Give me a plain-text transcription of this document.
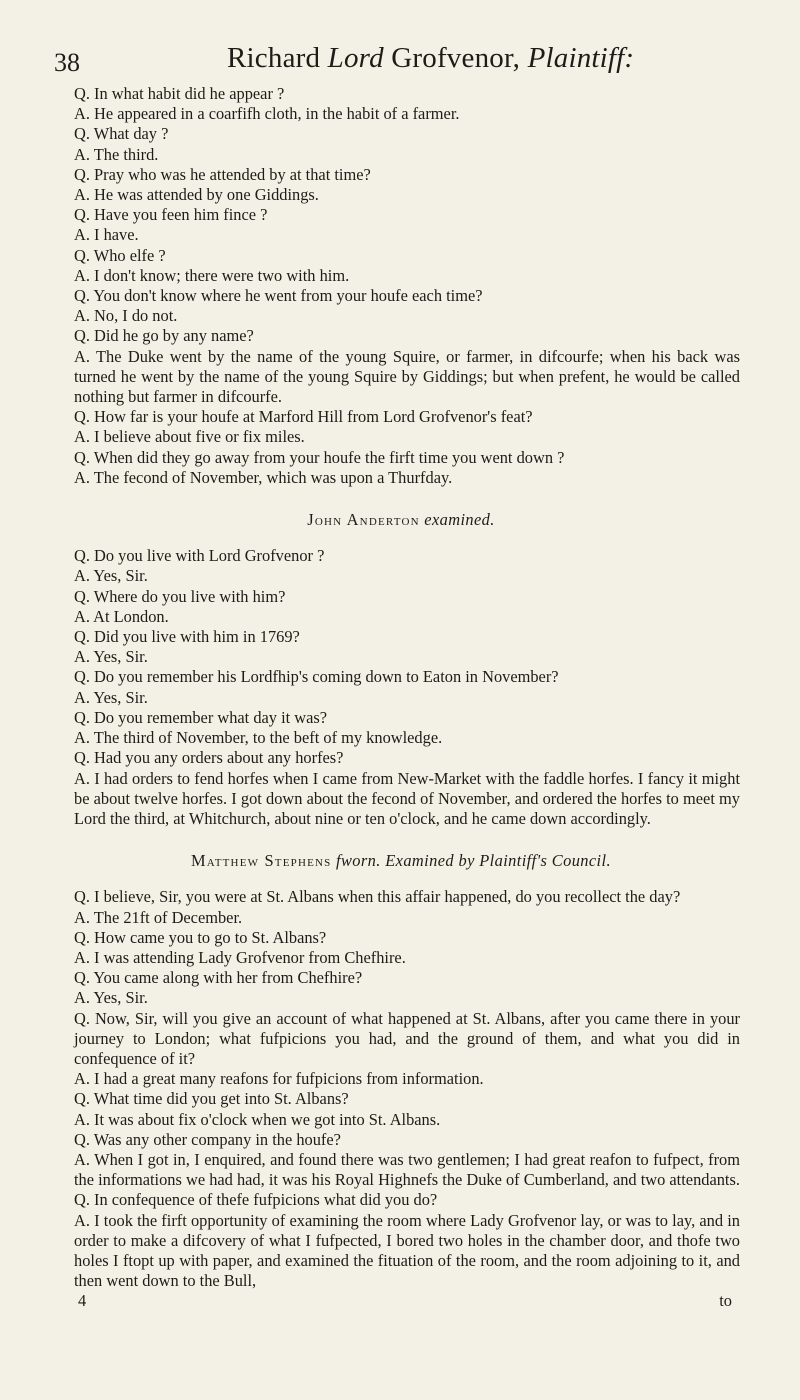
38	Richard Lord Grofvenor, Plaintiff:

Q. In what habit did he appear ?

A. He appeared in a coarfifh cloth, in the habit of a farmer.

Q. What day ?

A. The third.

Q. Pray who was he attended by at that time?

A. He was attended by one Giddings.

Q. Have you feen him fince ?

A. I have.

Q. Who elfe ?

A. I don't know; there were two with him.

Q. You don't know where he went from your houfe each time?

A. No, I do not.

Q. Did he go by any name?

A. The Duke went by the name of the young Squire, or farmer, in difcourfe; when his back was turned he went by the name of the young Squire by Giddings; but when prefent, he would be called nothing but farmer in difcourfe.

Q. How far is your houfe at Marford Hill from Lord Grofvenor's feat?

A. I believe about five or fix miles.

Q. When did they go away from your houfe the firft time you went down ?

A. The fecond of November, which was upon a Thurfday.

John Anderton examined.

Q. Do you live with Lord Grofvenor ?

A. Yes, Sir.

Q. Where do you live with him?

A. At London.

Q. Did you live with him in 1769?

A. Yes, Sir.

Q. Do you remember his Lordfhip's coming down to Eaton in November?

A. Yes, Sir.

Q. Do you remember what day it was?

A. The third of November, to the beft of my knowledge.

Q. Had you any orders about any horfes?

A. I had orders to fend horfes when I came from New-Market with the faddle horfes. I fancy it might be about twelve horfes. I got down about the fecond of November, and ordered the horfes to meet my Lord the third, at Whitchurch, about nine or ten o'clock, and he came down accordingly.

Matthew Stephens fworn. Examined by Plaintiff's Council.

Q. I believe, Sir, you were at St. Albans when this affair happened, do you recollect the day?

A. The 21ft of December.

Q. How came you to go to St. Albans?

A. I was attending Lady Grofvenor from Chefhire.

Q. You came along with her from Chefhire?

A. Yes, Sir.

Q. Now, Sir, will you give an account of what happened at St. Albans, after you came there in your journey to London; what fufpicions you had, and the ground of them, and what you did in confequence of it?

A. I had a great many reafons for fufpicions from information.

Q. What time did you get into St. Albans?

A. It was about fix o'clock when we got into St. Albans.

Q. Was any other company in the houfe?

A. When I got in, I enquired, and found there was two gentlemen; I had great reafon to fufpect, from the informations we had had, it was his Royal Highnefs the Duke of Cumberland, and two attendants.

Q. In confequence of thefe fufpicions what did you do?

A. I took the firft opportunity of examining the room where Lady Grofvenor lay, or was to lay, and in order to make a difcovery of what I fufpected, I bored two holes in the chamber door, and thofe two holes I ftopt up with paper, and examined the fituation of the room, and the room adjoining to it, and then went down to the Bull,

4	to
